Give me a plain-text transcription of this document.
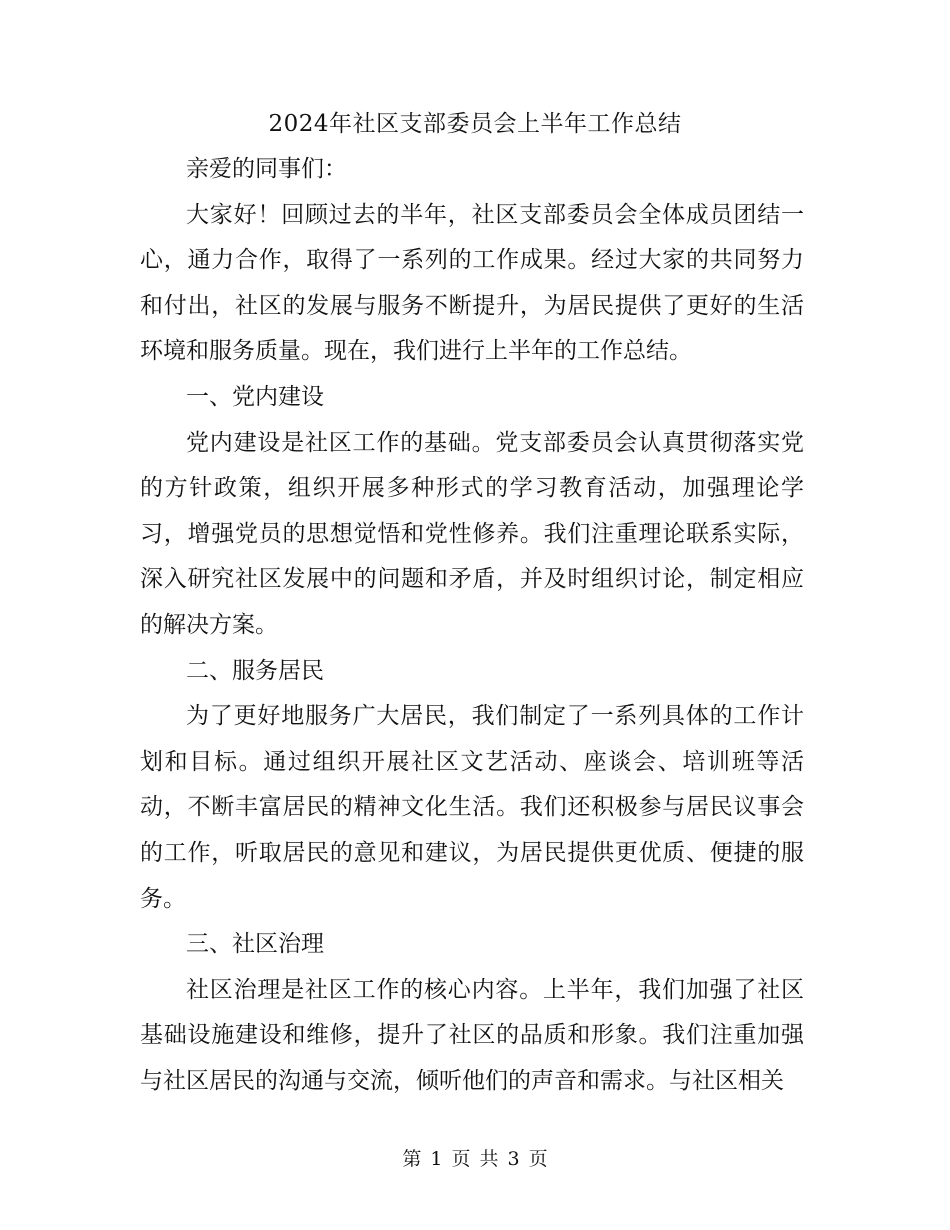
2024年社区支部委员会上半年工作总结

亲爱的同事们：

大家好！回顾过去的半年，社区支部委员会全体成员团结一心，通力合作，取得了一系列的工作成果。经过大家的共同努力和付出，社区的发展与服务不断提升，为居民提供了更好的生活环境和服务质量。现在，我们进行上半年的工作总结。

一、党内建设

党内建设是社区工作的基础。党支部委员会认真贯彻落实党的方针政策，组织开展多种形式的学习教育活动，加强理论学习，增强党员的思想觉悟和党性修养。我们注重理论联系实际，深入研究社区发展中的问题和矛盾，并及时组织讨论，制定相应的解决方案。

二、服务居民

为了更好地服务广大居民，我们制定了一系列具体的工作计划和目标。通过组织开展社区文艺活动、座谈会、培训班等活动，不断丰富居民的精神文化生活。我们还积极参与居民议事会的工作，听取居民的意见和建议，为居民提供更优质、便捷的服务。

三、社区治理

社区治理是社区工作的核心内容。上半年，我们加强了社区基础设施建设和维修，提升了社区的品质和形象。我们注重加强与社区居民的沟通与交流，倾听他们的声音和需求。与社区相关

第 1 页 共 3 页
